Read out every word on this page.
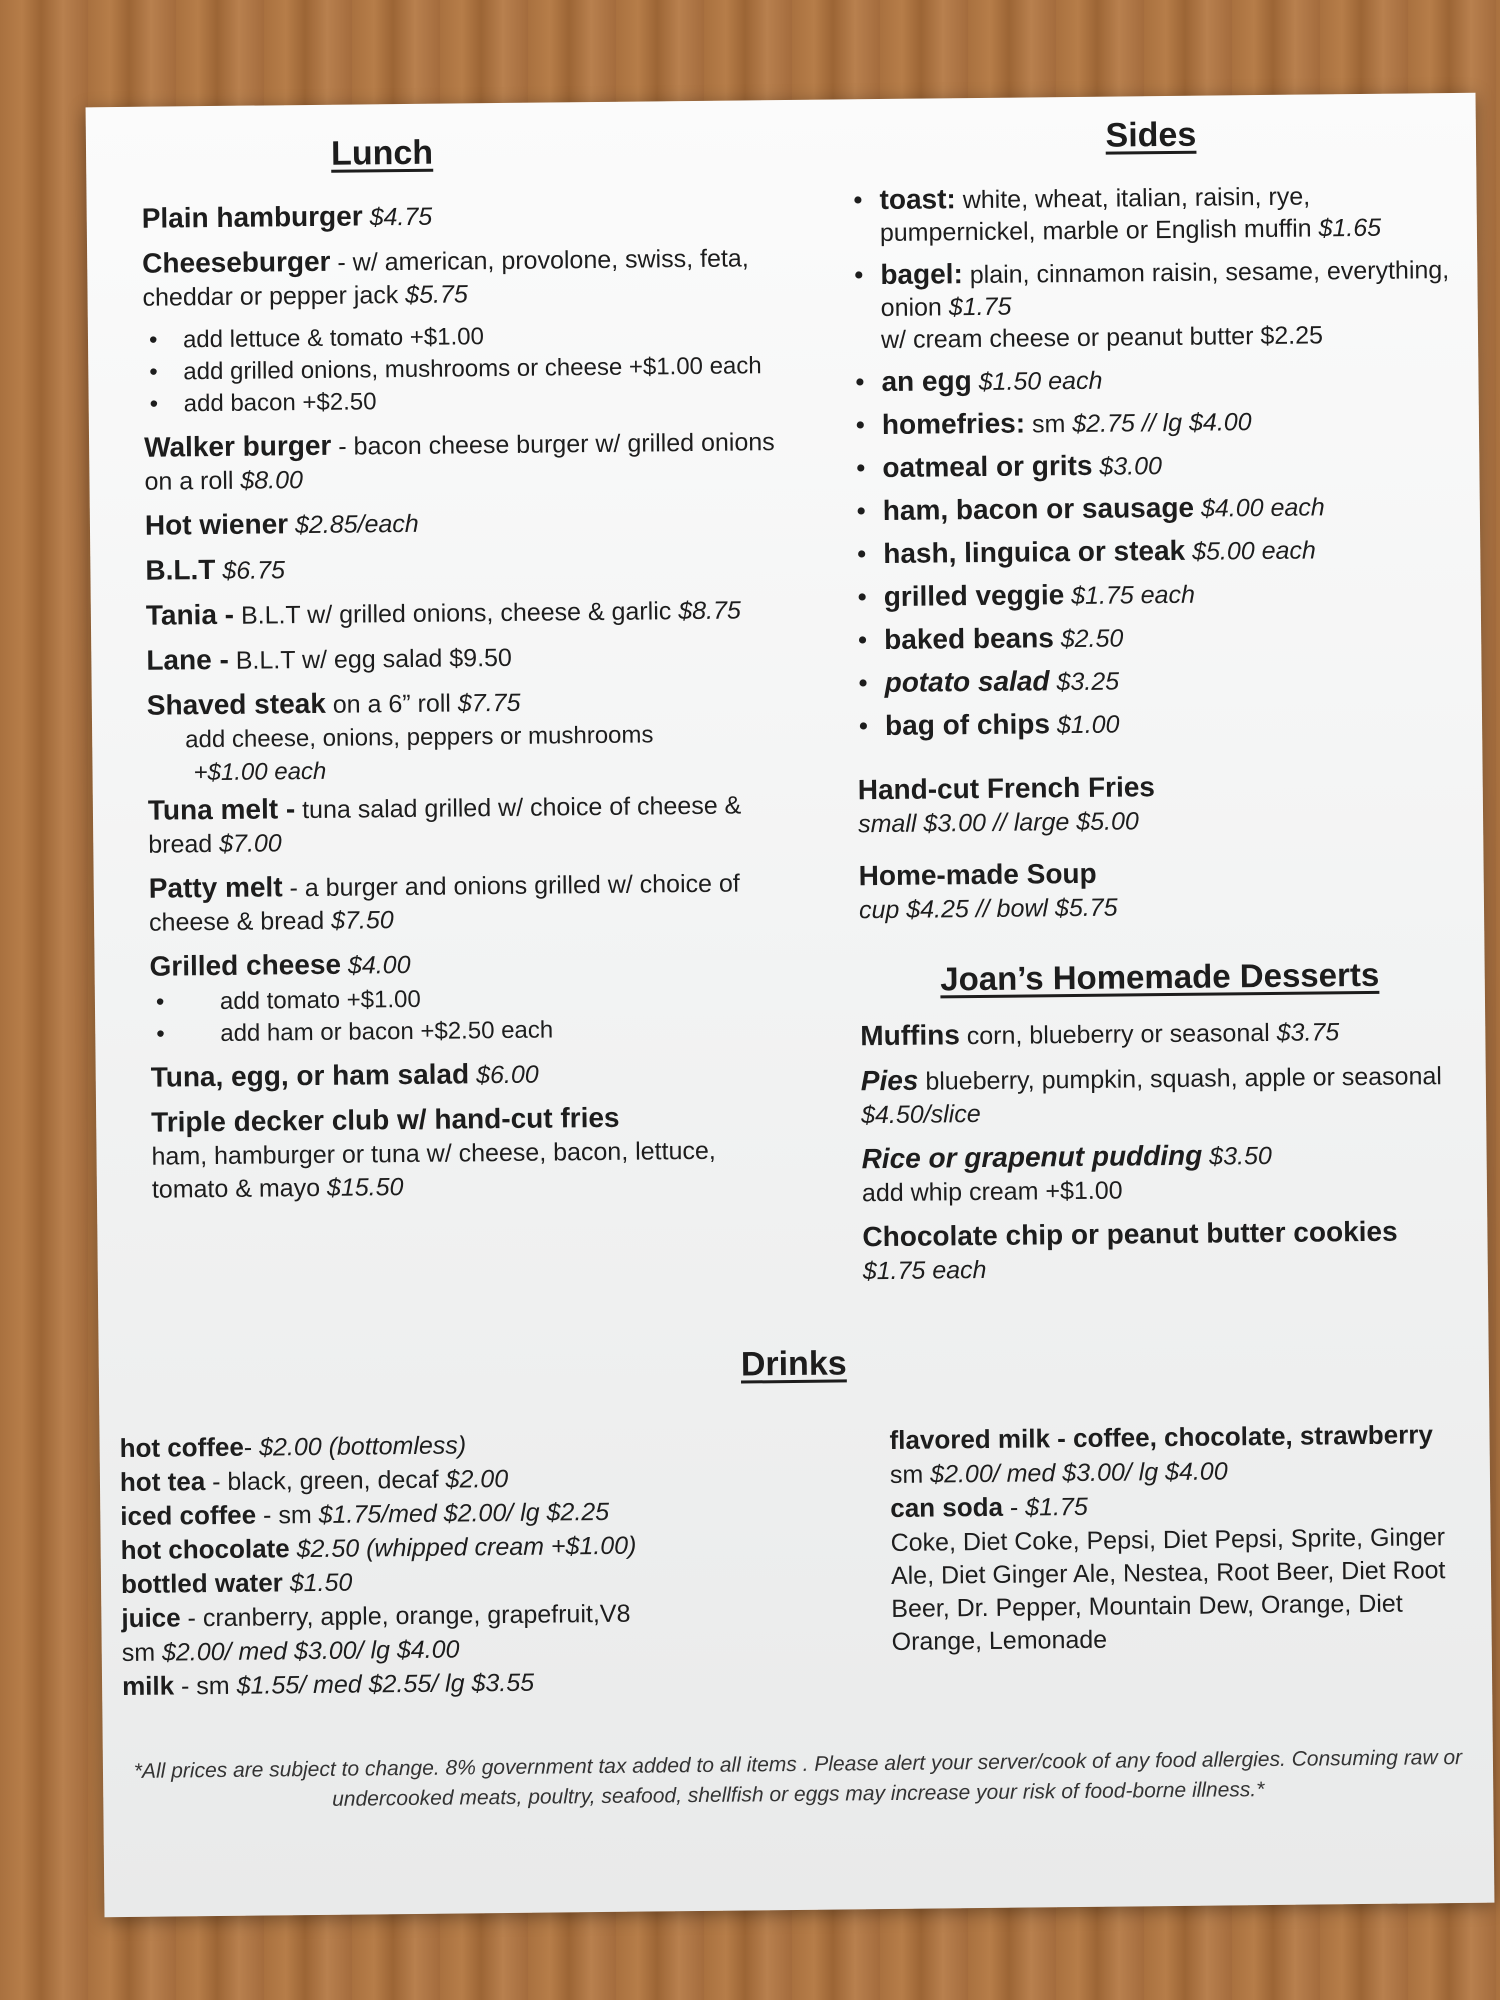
Lunch
Plain hamburger $4.75
Cheeseburger - w/ american, provolone, swiss, feta, cheddar or pepper jack $5.75
• add lettuce & tomato +$1.00
• add grilled onions, mushrooms or cheese +$1.00 each
• add bacon +$2.50
Walker burger - bacon cheese burger w/ grilled onions on a roll $8.00
Hot wiener $2.85/each
B.L.T $6.75
Tania - B.L.T w/ grilled onions, cheese & garlic $8.75
Lane - B.L.T w/ egg salad $9.50
Shaved steak on a 6” roll $7.75
add cheese, onions, peppers or mushrooms
+$1.00 each
Tuna melt - tuna salad grilled w/ choice of cheese & bread $7.00
Patty melt - a burger and onions grilled w/ choice of cheese & bread $7.50
Grilled cheese $4.00
• add tomato +$1.00
• add ham or bacon +$2.50 each
Tuna, egg, or ham salad $6.00
Triple decker club w/ hand-cut fries
ham, hamburger or tuna w/ cheese, bacon, lettuce, tomato & mayo $15.50
Sides
• toast: white, wheat, italian, raisin, rye, pumpernickel, marble or English muffin $1.65
• bagel: plain, cinnamon raisin, sesame, everything, onion $1.75
w/ cream cheese or peanut butter $2.25
• an egg $1.50 each
• homefries: sm $2.75 // lg $4.00
• oatmeal or grits $3.00
• ham, bacon or sausage $4.00 each
• hash, linguica or steak $5.00 each
• grilled veggie $1.75 each
• baked beans $2.50
• potato salad $3.25
• bag of chips $1.00
Hand-cut French Fries
small $3.00 // large $5.00
Home-made Soup
cup $4.25 // bowl $5.75
Joan’s Homemade Desserts
Muffins corn, blueberry or seasonal $3.75
Pies blueberry, pumpkin, squash, apple or seasonal $4.50/slice
Rice or grapenut pudding $3.50
add whip cream +$1.00
Chocolate chip or peanut butter cookies $1.75 each
Drinks
hot coffee- $2.00 (bottomless)
hot tea - black, green, decaf $2.00
iced coffee - sm $1.75/med $2.00/ lg $2.25
hot chocolate $2.50 (whipped cream +$1.00)
bottled water $1.50
juice - cranberry, apple, orange, grapefruit,V8
sm $2.00/ med $3.00/ lg $4.00
milk - sm $1.55/ med $2.55/ lg $3.55
flavored milk - coffee, chocolate, strawberry
sm $2.00/ med $3.00/ lg $4.00
can soda - $1.75
Coke, Diet Coke, Pepsi, Diet Pepsi, Sprite, Ginger Ale, Diet Ginger Ale, Nestea, Root Beer, Diet Root Beer, Dr. Pepper, Mountain Dew, Orange, Diet Orange, Lemonade
*All prices are subject to change. 8% government tax added to all items . Please alert your server/cook of any food allergies. Consuming raw or undercooked meats, poultry, seafood, shellfish or eggs may increase your risk of food-borne illness.*
